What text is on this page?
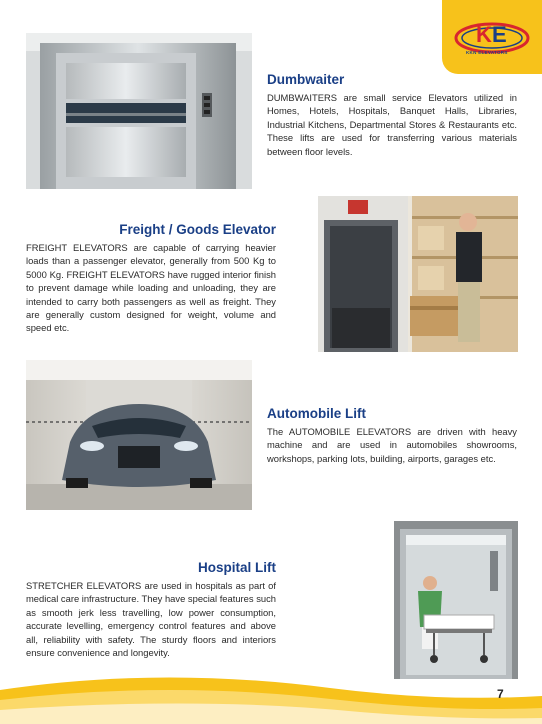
K E
KKN ELEVATORS
Dumbwaiter
DUMBWAITERS are small service Elevators utilized in Homes, Hotels, Hospitals, Banquet Halls, Libraries, Industrial Kitchens, Departmental Stores & Restaurants etc. These lifts are used for transferring various materials between floor levels.
Freight / Goods Elevator
FREIGHT ELEVATORS are capable of carrying heavier loads than a passenger elevator, generally from 500 Kg to 5000 Kg. FREIGHT ELEVATORS have rugged interior finish to prevent damage while loading and unloading, they are intended to carry both passengers as well as freight. They are generally custom designed for weight, volume and speed etc.
Automobile Lift
The AUTOMOBILE ELEVATORS are driven with heavy machine and are used in automobiles showrooms, workshops, parking lots, building, airports, garages etc.
Hospital Lift
STRETCHER ELEVATORS are used in hospitals as part of medical care infrastructure. They have special features such as smooth jerk less travelling, low power consumption, accurate levelling, emergency control features and above all, reliability with safety. The sturdy floors and interiors ensure convenience and longevity.
7
